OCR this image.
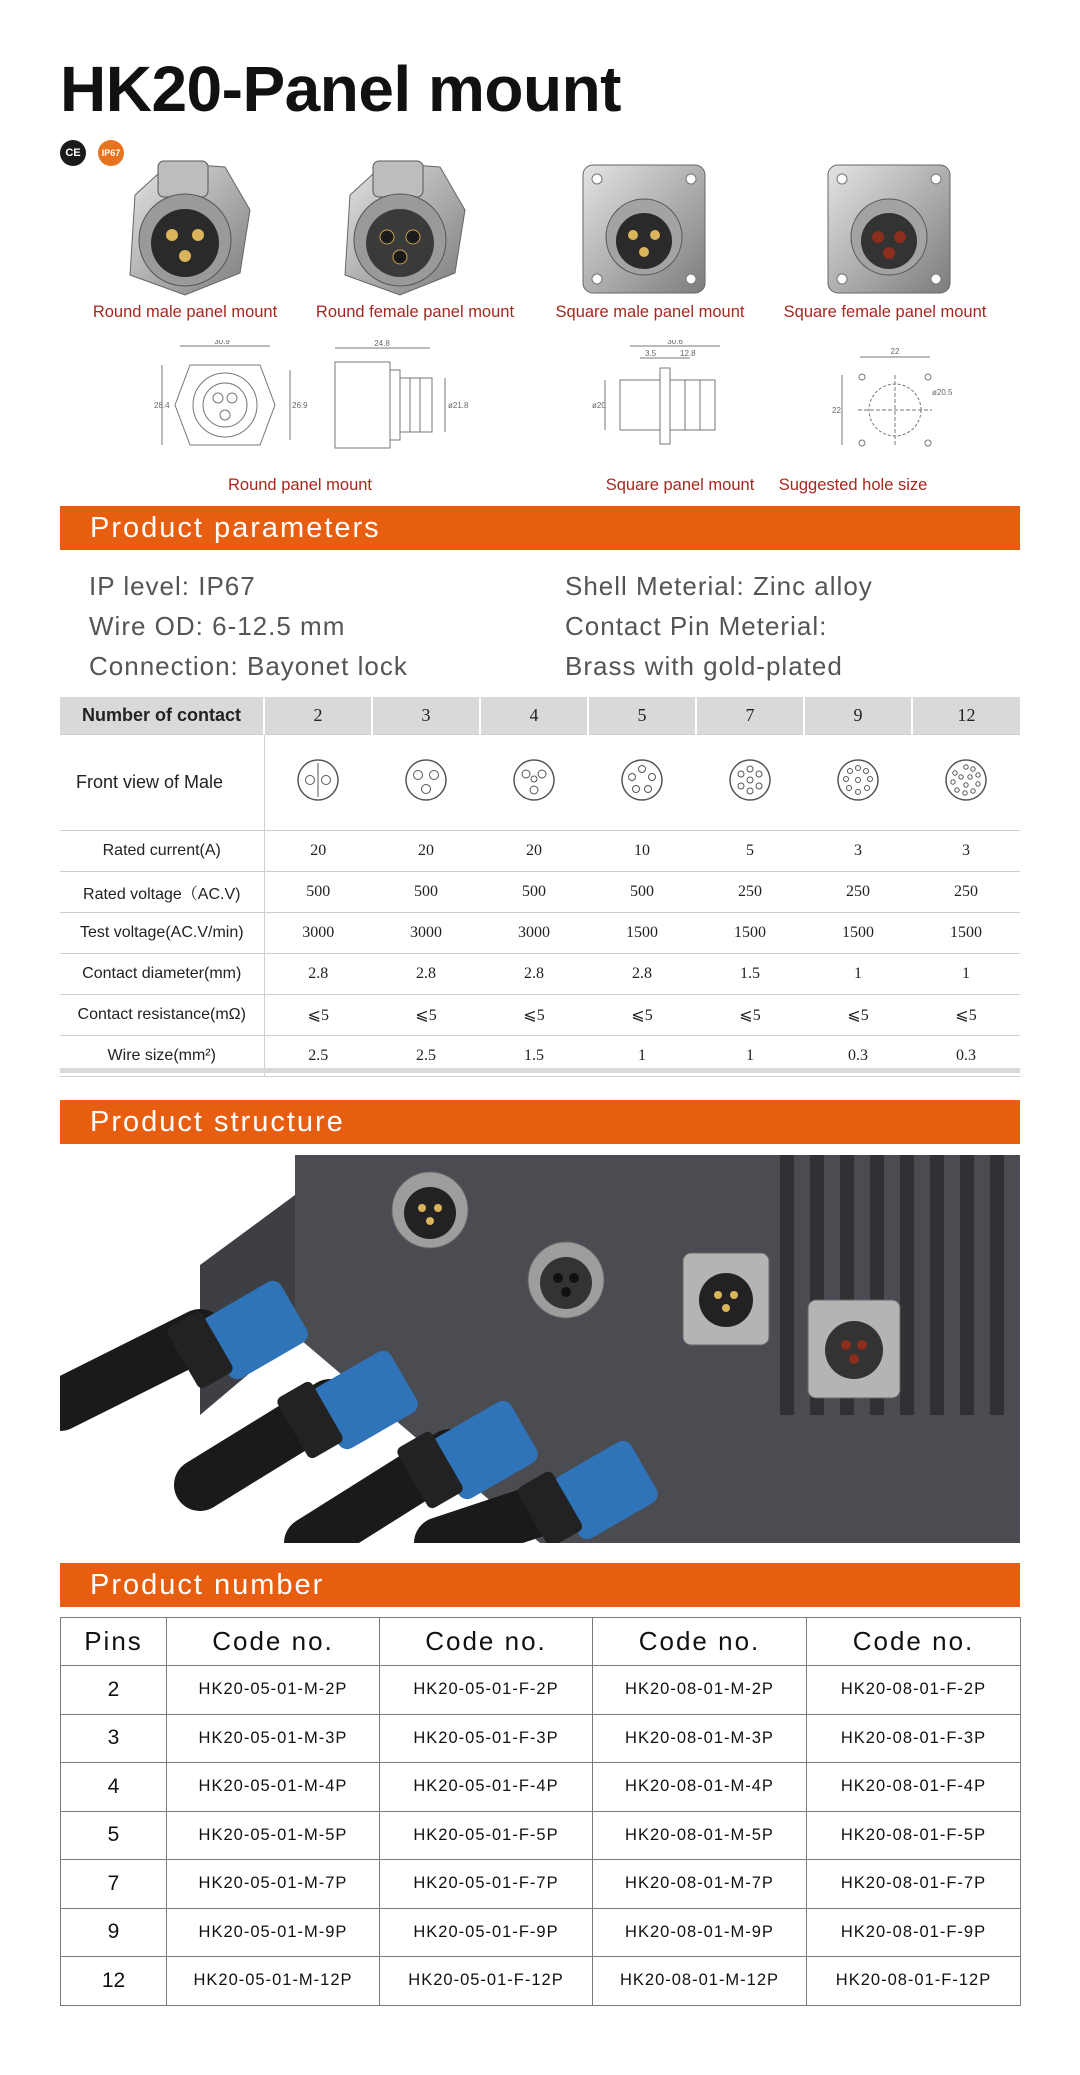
HK20-Panel mount
CE	IP67
Round male panel mount	Round female panel mount	Square male panel mount	Square female panel mount
30.9
28.4	26.9
24.8
ø21.8
30.6
3.5	12.8
ø20
22
22
ø20.5
Round panel mount	Square panel mount	Suggested hole size
Product parameters
IP level: IP67
Wire OD: 6-12.5 mm
Connection: Bayonet lock
Shell Meterial: Zinc alloy
Contact Pin Meterial:
Brass with gold-plated
Number of contact	2	3	4	5	7	9	12
Front view of Male							
Rated current(A)	20	20	20	10	5	3	3
Rated voltage（AC.V)	500	500	500	500	250	250	250
Test voltage(AC.V/min)	3000	3000	3000	1500	1500	1500	1500
Contact diameter(mm)	2.8	2.8	2.8	2.8	1.5	1	1
Contact resistance(mΩ)	⩽5	⩽5	⩽5	⩽5	⩽5	⩽5	⩽5
Wire size(mm²)	2.5	2.5	1.5	1	1	0.3	0.3
Product structure
Product number
Pins	Code no.	Code no.	Code no.	Code no.
2	HK20-05-01-M-2P	HK20-05-01-F-2P	HK20-08-01-M-2P	HK20-08-01-F-2P
3	HK20-05-01-M-3P	HK20-05-01-F-3P	HK20-08-01-M-3P	HK20-08-01-F-3P
4	HK20-05-01-M-4P	HK20-05-01-F-4P	HK20-08-01-M-4P	HK20-08-01-F-4P
5	HK20-05-01-M-5P	HK20-05-01-F-5P	HK20-08-01-M-5P	HK20-08-01-F-5P
7	HK20-05-01-M-7P	HK20-05-01-F-7P	HK20-08-01-M-7P	HK20-08-01-F-7P
9	HK20-05-01-M-9P	HK20-05-01-F-9P	HK20-08-01-M-9P	HK20-08-01-F-9P
12	HK20-05-01-M-12P	HK20-05-01-F-12P	HK20-08-01-M-12P	HK20-08-01-F-12P
